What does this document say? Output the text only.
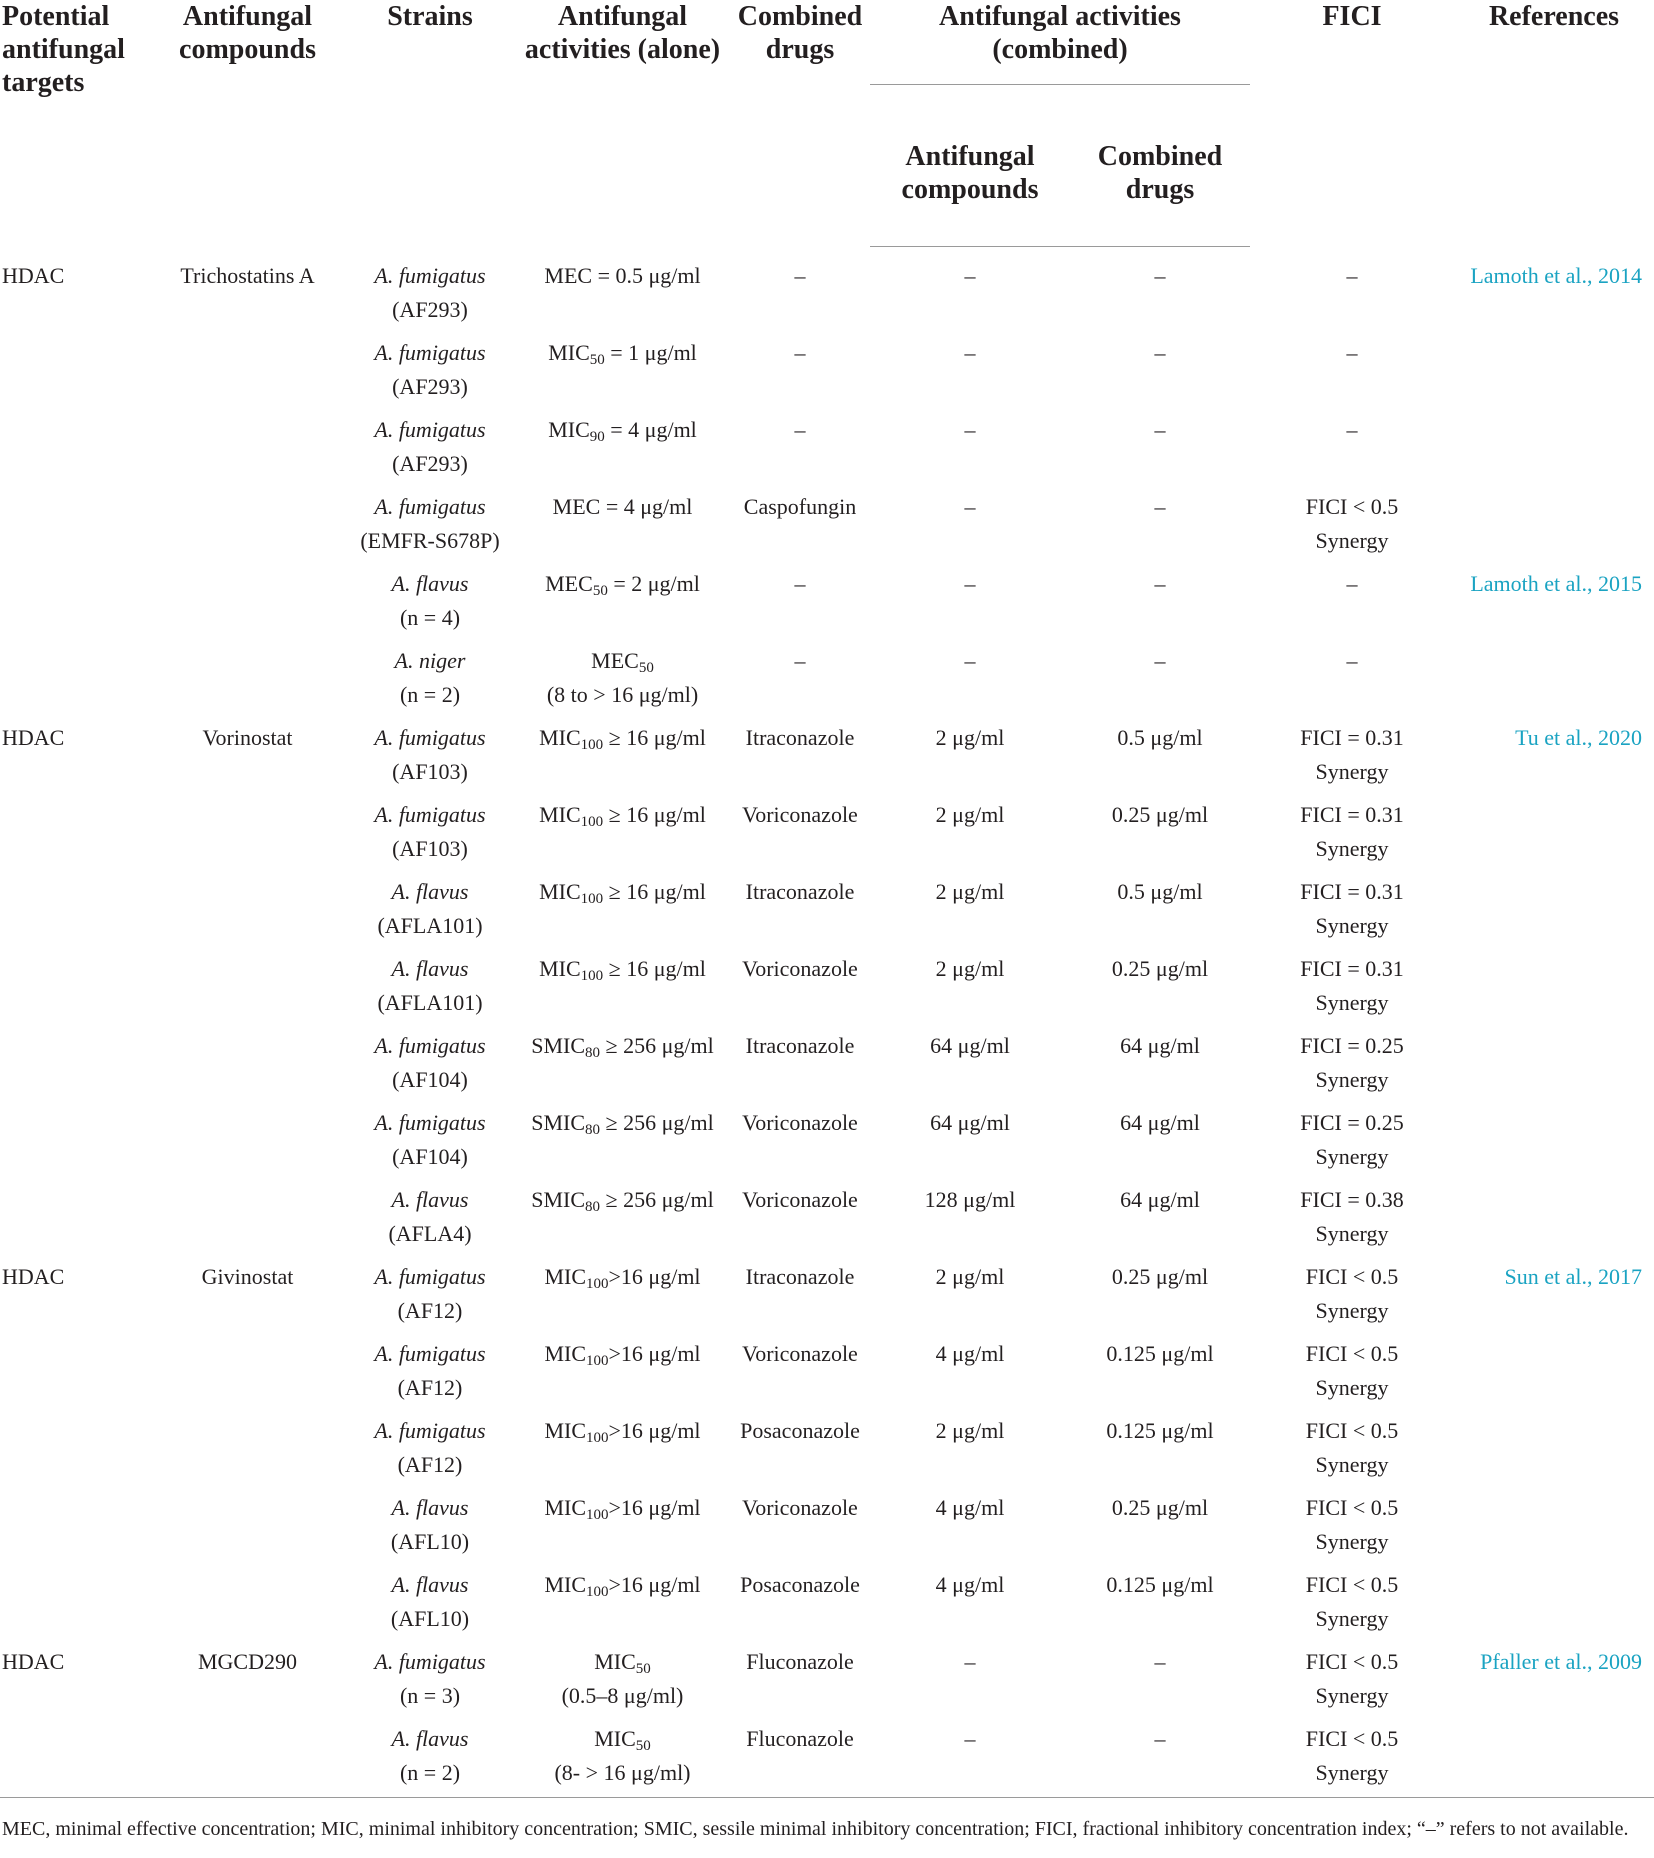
Potential antifungal targets	Antifungal compounds	Strains	Antifungal activities (alone)	Combined drugs	Antifungal activities (combined)		FICI	References
					Antifungal compounds	Combined drugs		
HDAC	Trichostatins A	A. fumigatus
(AF293)	MEC = 0.5 μg/ml	–	–	–	–	Lamoth et al., 2014

		A. fumigatus
(AF293)	$MIC_{50} = 1$ μg/ml	–	–	–	–	

		A. fumigatus
(AF293)	$MIC_{90} = 4$ μg/ml	–	–	–	–	

		A. fumigatus
(EMFR-S678P)	MEC = 4 μg/ml	Caspofungin	–	–	FICI < 0.5
Synergy	

		A. flavus
(n = 4)	$MEC_{50} = 2$ μg/ml	–	–	–	–	Lamoth et al., 2015

		A. niger
(n = 2)	$MEC_{50}$
(8 to > 16 μg/ml)	–	–	–	–	

HDAC	Vorinostat	A. fumigatus
(AF103)	$MIC_{100} \ge 16$ μg/ml	Itraconazole	2 μg/ml	0.5 μg/ml	FICI = 0.31
Synergy	Tu et al., 2020

		A. fumigatus
(AF103)	$MIC_{100} \ge 16$ μg/ml	Voriconazole	2 μg/ml	0.25 μg/ml	FICI = 0.31
Synergy	

		A. flavus
(AFLA101)	$MIC_{100} \ge 16$ μg/ml	Itraconazole	2 μg/ml	0.5 μg/ml	FICI = 0.31
Synergy	

		A. flavus
(AFLA101)	$MIC_{100} \ge 16$ μg/ml	Voriconazole	2 μg/ml	0.25 μg/ml	FICI = 0.31
Synergy	

		A. fumigatus
(AF104)	$SMIC_{80} \ge 256$ μg/ml	Itraconazole	64 μg/ml	64 μg/ml	FICI = 0.25
Synergy	

		A. fumigatus
(AF104)	$SMIC_{80} \ge 256$ μg/ml	Voriconazole	64 μg/ml	64 μg/ml	FICI = 0.25
Synergy	

		A. flavus
(AFLA4)	$SMIC_{80} \ge 256$ μg/ml	Voriconazole	128 μg/ml	64 μg/ml	FICI = 0.38
Synergy	

HDAC	Givinostat	A. fumigatus
(AF12)	$MIC_{100}>16$ μg/ml	Itraconazole	2 μg/ml	0.25 μg/ml	FICI < 0.5
Synergy	Sun et al., 2017

		A. fumigatus
(AF12)	$MIC_{100}>16$ μg/ml	Voriconazole	4 μg/ml	0.125 μg/ml	FICI < 0.5
Synergy	

		A. fumigatus
(AF12)	$MIC_{100}>16$ μg/ml	Posaconazole	2 μg/ml	0.125 μg/ml	FICI < 0.5
Synergy	

		A. flavus
(AFL10)	$MIC_{100}>16$ μg/ml	Voriconazole	4 μg/ml	0.25 μg/ml	FICI < 0.5
Synergy	

		A. flavus
(AFL10)	$MIC_{100}>16$ μg/ml	Posaconazole	4 μg/ml	0.125 μg/ml	FICI < 0.5
Synergy	

HDAC	MGCD290	A. fumigatus
(n = 3)	$MIC_{50}$
(0.5–8 μg/ml)	Fluconazole	–	–	FICI < 0.5
Synergy	Pfaller et al., 2009

		A. flavus
(n = 2)	$MIC_{50}$
(8- > 16 μg/ml)	Fluconazole	–	–	FICI < 0.5
Synergy	

MEC, minimal effective concentration; MIC, minimal inhibitory concentration; SMIC, sessile minimal inhibitory concentration; FICI, fractional inhibitory concentration index; “–” refers to not available.
